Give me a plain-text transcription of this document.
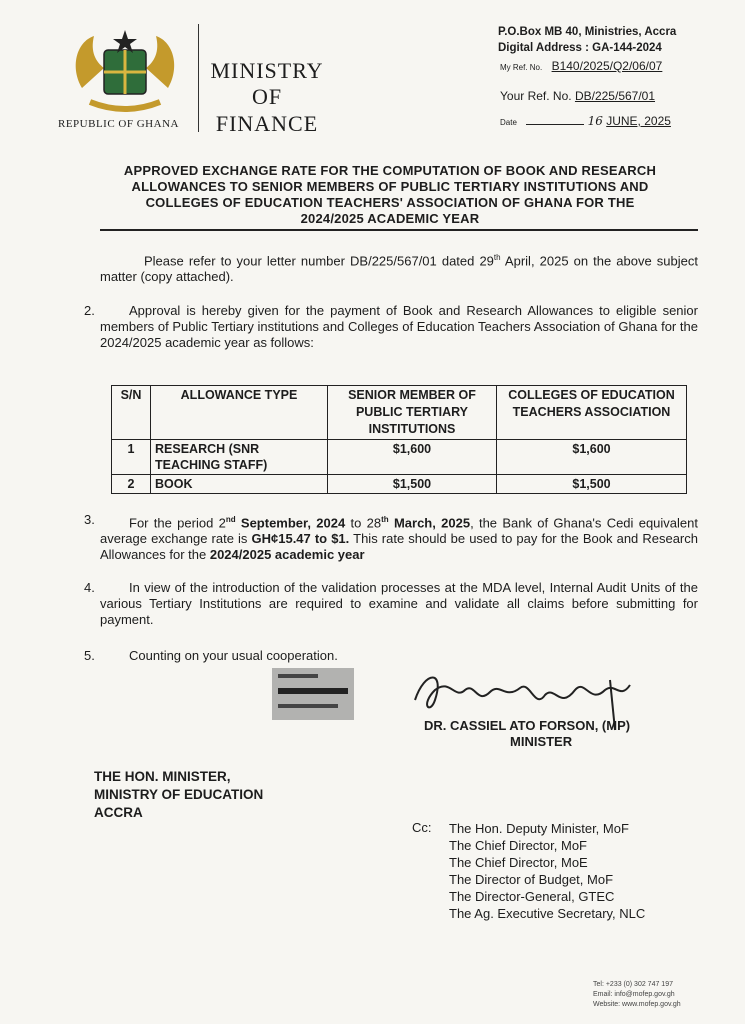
REPUBLIC OF GHANA
MINISTRY
OF
FINANCE
P.O.Box MB 40, Ministries, Accra
Digital Address : GA-144-2024
My Ref. No. B140/2025/Q2/06/07
Your Ref. No. DB/225/567/01
Date	16 JUNE, 2025
APPROVED EXCHANGE RATE FOR THE COMPUTATION OF BOOK AND RESEARCH
ALLOWANCES TO SENIOR MEMBERS OF PUBLIC TERTIARY INSTITUTIONS AND
COLLEGES OF EDUCATION TEACHERS' ASSOCIATION OF GHANA FOR THE
2024/2025 ACADEMIC YEAR
Please refer to your letter number DB/225/567/01 dated 29th April, 2025 on the above subject matter (copy attached).
2.	Approval is hereby given for the payment of Book and Research Allowances to eligible senior members of Public Tertiary institutions and Colleges of Education Teachers Association of Ghana for the 2024/2025 academic year as follows:
S/N	ALLOWANCE TYPE	SENIOR MEMBER OF PUBLIC TERTIARY INSTITUTIONS	COLLEGES OF EDUCATION TEACHERS ASSOCIATION
1	RESEARCH (SNR TEACHING STAFF)	$1,600	$1,600
2	BOOK	$1,500	$1,500
3.	For the period 2nd September, 2024 to 28th March, 2025, the Bank of Ghana's Cedi equivalent average exchange rate is GH¢15.47 to $1. This rate should be used to pay for the Book and Research Allowances for the 2024/2025 academic year
4.	In view of the introduction of the validation processes at the MDA level, Internal Audit Units of the various Tertiary Institutions are required to examine and validate all claims before submitting for payment.
5.	Counting on your usual cooperation.
DR. CASSIEL ATO FORSON, (MP)
MINISTER
THE HON. MINISTER,
MINISTRY OF EDUCATION
ACCRA
Cc: The Hon. Deputy Minister, MoF
The Chief Director, MoF
The Chief Director, MoE
The Director of Budget, MoF
The Director-General, GTEC
The Ag. Executive Secretary, NLC
Tel: +233 (0) 302 747 197
Email: info@mofep.gov.gh
Website: www.mofep.gov.gh
